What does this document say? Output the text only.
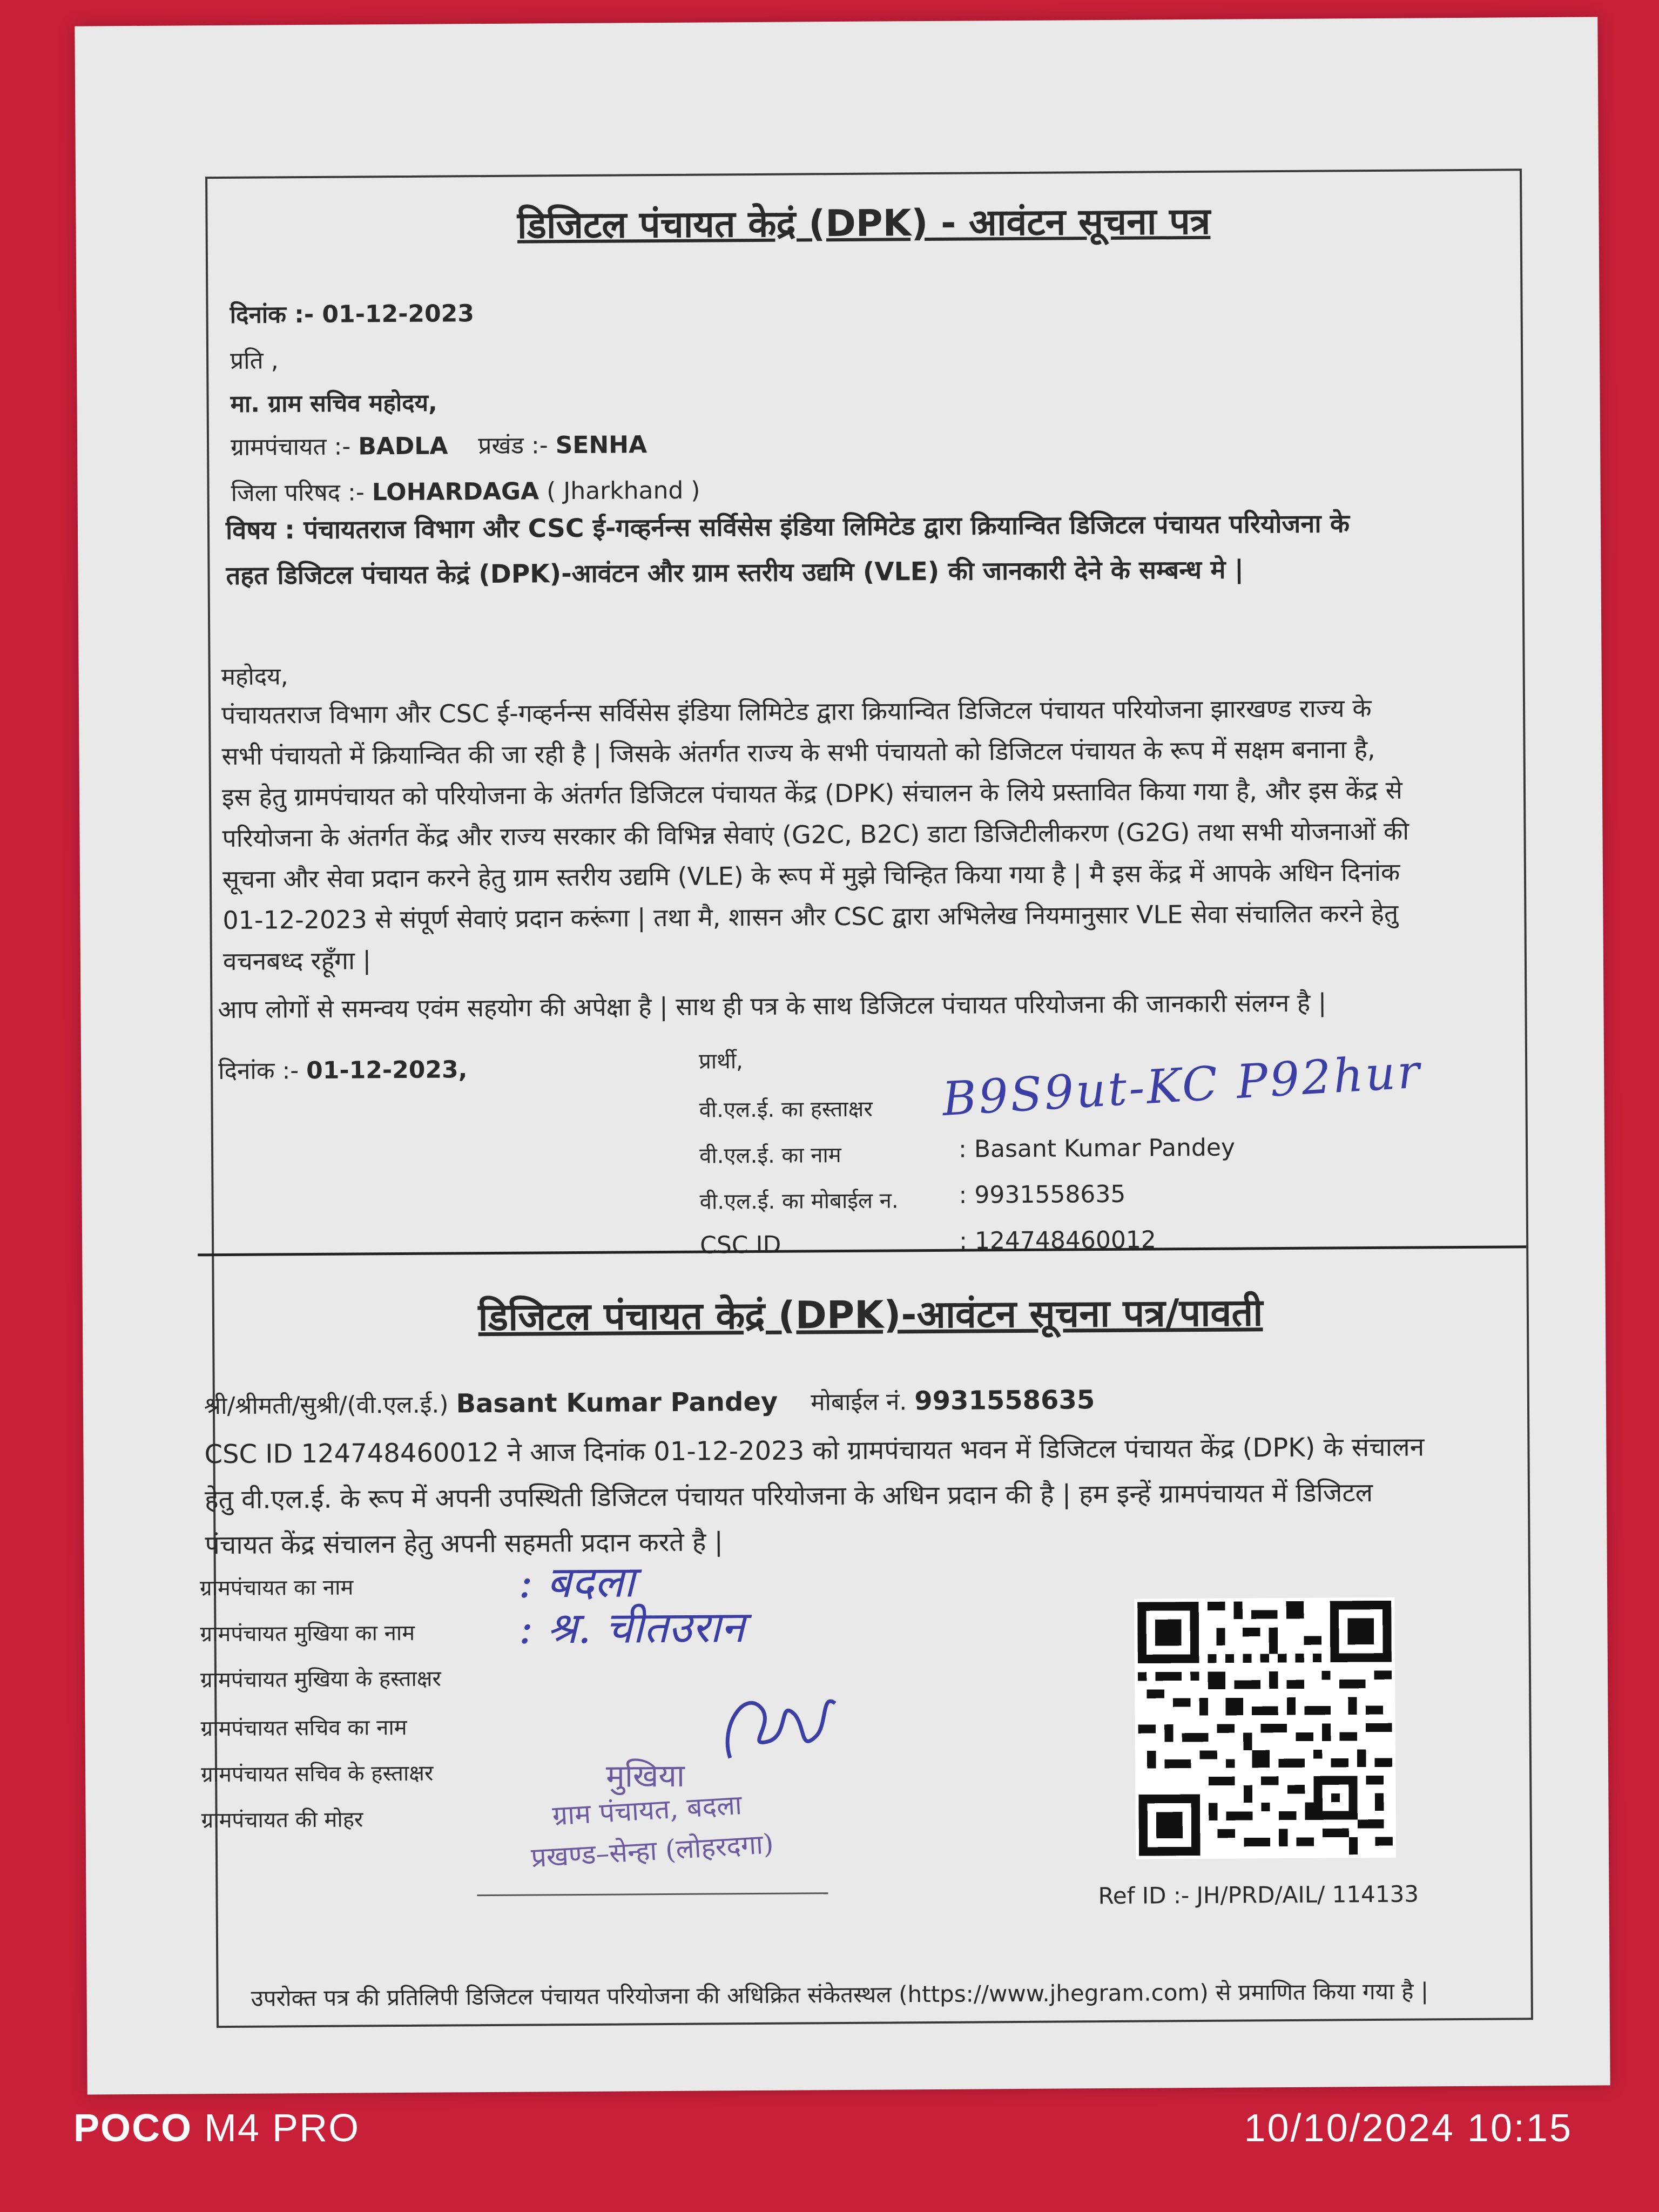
डिजिटल पंचायत केद्रं (DPK) - आवंटन सूचना पत्र
दिनांक :- 01-12-2023
प्रति ,
मा. ग्राम सचिव महोदय,
ग्रामपंचायत :- BADLA प्रखंड :- SENHA
जिला परिषद :- LOHARDAGA ( Jharkhand )
विषय : पंचायतराज विभाग और CSC ई-गव्हर्नन्स सर्विसेस इंडिया लिमिटेड द्वारा क्रियान्वित डिजिटल पंचायत परियोजना के तहत डिजिटल पंचायत केद्रं (DPK)-आवंटन और ग्राम स्तरीय उद्यमि (VLE) की जानकारी देने के सम्बन्ध मे |
महोदय,
पंचायतराज विभाग और CSC ई-गव्हर्नन्स सर्विसेस इंडिया लिमिटेड द्वारा क्रियान्वित डिजिटल पंचायत परियोजना झारखण्ड राज्य के सभी पंचायतो में क्रियान्वित की जा रही है | जिसके अंतर्गत राज्य के सभी पंचायतो को डिजिटल पंचायत के रूप में सक्षम बनाना है, इस हेतु ग्रामपंचायत को परियोजना के अंतर्गत डिजिटल पंचायत केंद्र (DPK) संचालन के लिये प्रस्तावित किया गया है, और इस केंद्र से परियोजना के अंतर्गत केंद्र और राज्य सरकार की विभिन्न सेवाएं (G2C, B2C) डाटा डिजिटीलीकरण (G2G) तथा सभी योजनाओं की सूचना और सेवा प्रदान करने हेतु ग्राम स्तरीय उद्यमि (VLE) के रूप में मुझे चिन्हित किया गया है | मै इस केंद्र में आपके अधिन दिनांक 01-12-2023 से संपूर्ण सेवाएं प्रदान करूंगा | तथा मै, शासन और CSC द्वारा अभिलेख नियमानुसार VLE सेवा संचालित करने हेतु वचनबध्द रहूँगा |
आप लोगों से समन्वय एवंम सहयोग की अपेक्षा है | साथ ही पत्र के साथ डिजिटल पंचायत परियोजना की जानकारी संलग्न है |
दिनांक :- 01-12-2023,	प्रार्थी,
वी.एल.ई. का हस्ताक्षर B9S9ut-KC P92hur
वी.एल.ई. का नाम	: Basant Kumar Pandey
वी.एल.ई. का मोबाईल न.	: 9931558635
CSC ID	: 124748460012
डिजिटल पंचायत केद्रं (DPK)-आवंटन सूचना पत्र/पावती
श्री/श्रीमती/सुश्री/(वी.एल.ई.) Basant Kumar Pandey मोबाईल नं. 9931558635
CSC ID 124748460012 ने आज दिनांक 01-12-2023 को ग्रामपंचायत भवन में डिजिटल पंचायत केंद्र (DPK) के संचालन हेतु वी.एल.ई. के रूप में अपनी उपस्थिती डिजिटल पंचायत परियोजना के अधिन प्रदान की है | हम इन्हें ग्रामपंचायत में डिजिटल पंचायत केंद्र संचालन हेतु अपनी सहमती प्रदान करते है |
ग्रामपंचायत का नाम	: बदला
ग्रामपंचायत मुखिया का नाम : श्र. चीतउरान
ग्रामपंचायत मुखिया के हस्ताक्षर
ग्रामपंचायत सचिव का नाम
ग्रामपंचायत सचिव के हस्ताक्षर
ग्रामपंचायत की मोहर
मुखिया
ग्राम पंचायत, बदला
प्रखण्ड–सेन्हा (लोहरदगा)
Ref ID :- JH/PRD/AIL/ 114133
उपरोक्त पत्र की प्रतिलिपी डिजिटल पंचायत परियोजना की अधिक्रित संकेतस्थल (https://www.jhegram.com) से प्रमाणित किया गया है |
POCO M4 PRO	10/10/2024 10:15
